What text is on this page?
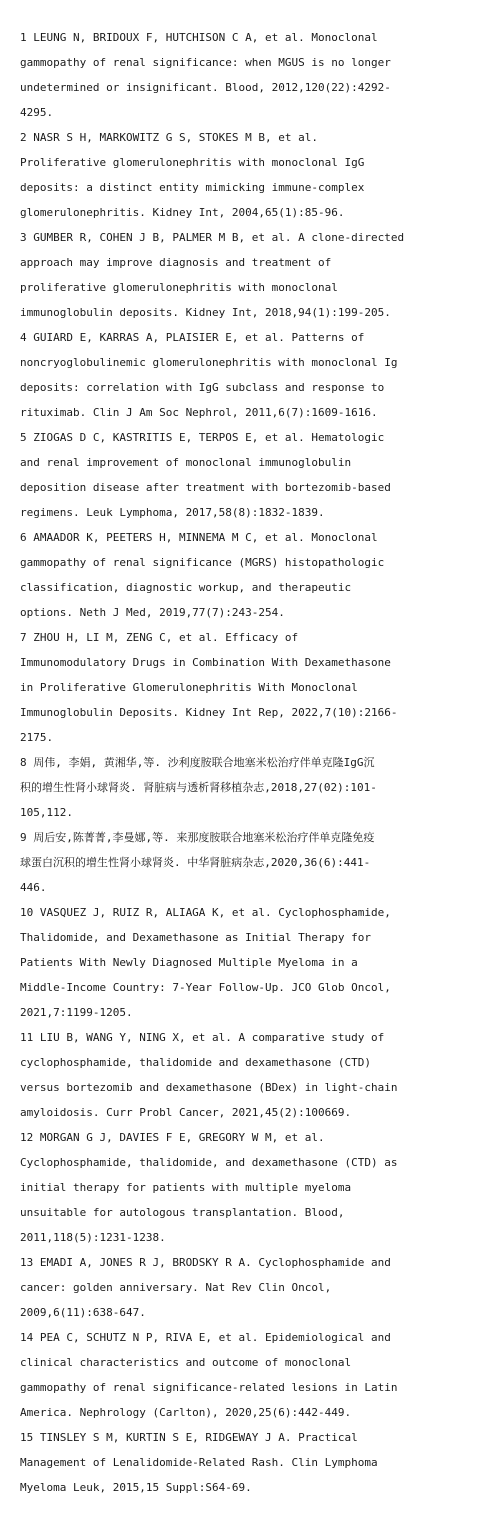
1 LEUNG N, BRIDOUX F, HUTCHISON C A, et al. Monoclonal
gammopathy of renal significance: when MGUS is no longer
undetermined or insignificant. Blood, 2012,120(22):4292-
4295.
2 NASR S H, MARKOWITZ G S, STOKES M B, et al.
Proliferative glomerulonephritis with monoclonal IgG
deposits: a distinct entity mimicking immune-complex
glomerulonephritis. Kidney Int, 2004,65(1):85-96.
3 GUMBER R, COHEN J B, PALMER M B, et al. A clone-directed
approach may improve diagnosis and treatment of
proliferative glomerulonephritis with monoclonal
immunoglobulin deposits. Kidney Int, 2018,94(1):199-205.
4 GUIARD E, KARRAS A, PLAISIER E, et al. Patterns of
noncryoglobulinemic glomerulonephritis with monoclonal Ig
deposits: correlation with IgG subclass and response to
rituximab. Clin J Am Soc Nephrol, 2011,6(7):1609-1616.
5 ZIOGAS D C, KASTRITIS E, TERPOS E, et al. Hematologic
and renal improvement of monoclonal immunoglobulin
deposition disease after treatment with bortezomib-based
regimens. Leuk Lymphoma, 2017,58(8):1832-1839.
6 AMAADOR K, PEETERS H, MINNEMA M C, et al. Monoclonal
gammopathy of renal significance (MGRS) histopathologic
classification, diagnostic workup, and therapeutic
options. Neth J Med, 2019,77(7):243-254.
7 ZHOU H, LI M, ZENG C, et al. Efficacy of
Immunomodulatory Drugs in Combination With Dexamethasone
in Proliferative Glomerulonephritis With Monoclonal
Immunoglobulin Deposits. Kidney Int Rep, 2022,7(10):2166-
2175.
8 周伟, 李娟, 黄湘华,等. 沙利度胺联合地塞米松治疗伴单克隆IgG沉
积的增生性肾小球肾炎. 肾脏病与透析肾移植杂志,2018,27(02):101-
105,112.
9 周后安,陈菁菁,李曼娜,等. 来那度胺联合地塞米松治疗伴单克隆免疫
球蛋白沉积的增生性肾小球肾炎. 中华肾脏病杂志,2020,36(6):441-
446.
10 VASQUEZ J, RUIZ R, ALIAGA K, et al. Cyclophosphamide,
Thalidomide, and Dexamethasone as Initial Therapy for
Patients With Newly Diagnosed Multiple Myeloma in a
Middle-Income Country: 7-Year Follow-Up. JCO Glob Oncol,
2021,7:1199-1205.
11 LIU B, WANG Y, NING X, et al. A comparative study of
cyclophosphamide, thalidomide and dexamethasone (CTD)
versus bortezomib and dexamethasone (BDex) in light-chain
amyloidosis. Curr Probl Cancer, 2021,45(2):100669.
12 MORGAN G J, DAVIES F E, GREGORY W M, et al.
Cyclophosphamide, thalidomide, and dexamethasone (CTD) as
initial therapy for patients with multiple myeloma
unsuitable for autologous transplantation. Blood,
2011,118(5):1231-1238.
13 EMADI A, JONES R J, BRODSKY R A. Cyclophosphamide and
cancer: golden anniversary. Nat Rev Clin Oncol,
2009,6(11):638-647.
14 PEA C, SCHUTZ N P, RIVA E, et al. Epidemiological and
clinical characteristics and outcome of monoclonal
gammopathy of renal significance-related lesions in Latin
America. Nephrology (Carlton), 2020,25(6):442-449.
15 TINSLEY S M, KURTIN S E, RIDGEWAY J A. Practical
Management of Lenalidomide-Related Rash. Clin Lymphoma
Myeloma Leuk, 2015,15 Suppl:S64-69.
